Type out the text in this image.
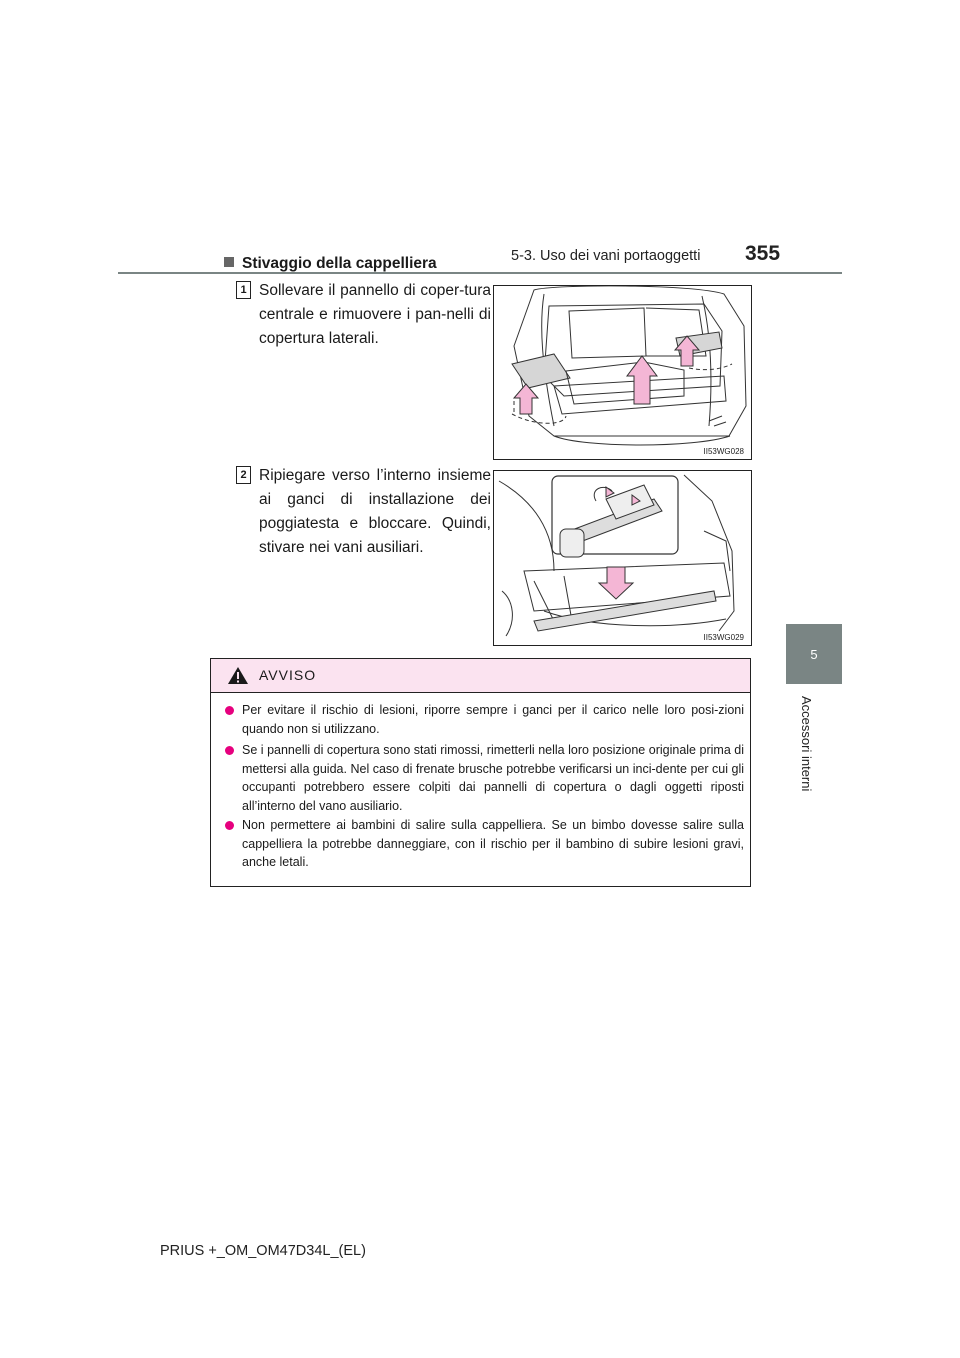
5-3. Uso dei vani portaoggetti 355
5
Accessori interni
Stivaggio della cappelliera
1 Sollevare il pannello di coper-tura centrale e rimuovere i pan-nelli di copertura laterali.
II53WG028
2 Ripiegare verso l’interno insieme ai ganci di installazione dei poggiatesta e bloccare. Quindi, stivare nei vani ausiliari.
II53WG029
AVVISO
Per evitare il rischio di lesioni, riporre sempre i ganci per il carico nelle loro posi-zioni quando non si utilizzano.
Se i pannelli di copertura sono stati rimossi, rimetterli nella loro posizione originale prima di mettersi alla guida. Nel caso di frenate brusche potrebbe verificarsi un inci-dente per cui gli occupanti potrebbero essere colpiti dai pannelli di copertura o dagli oggetti riposti all’interno del vano ausiliario.
Non permettere ai bambini di salire sulla cappelliera. Se un bimbo dovesse salire sulla cappelliera la potrebbe danneggiare, con il rischio per il bambino di subire lesioni gravi, anche letali.
PRIUS +_OM_OM47D34L_(EL)
